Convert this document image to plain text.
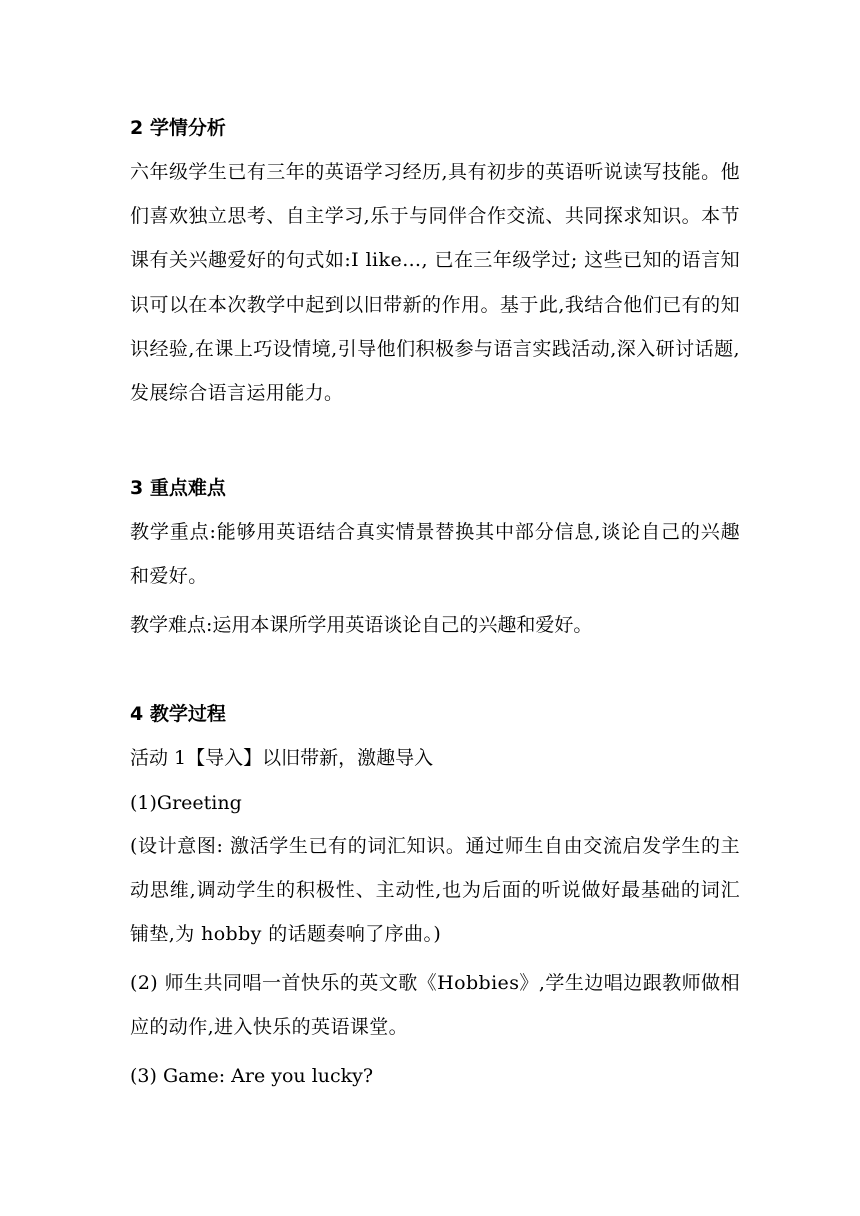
2 学情分析
六年级学生已有三年的英语学习经历,具有初步的英语听说读写技能。他们喜欢独立思考、自主学习,乐于与同伴合作交流、共同探求知识。本节课有关兴趣爱好的句式如:I like…, 已在三年级学过; 这些已知的语言知识可以在本次教学中起到以旧带新的作用。基于此,我结合他们已有的知识经验,在课上巧设情境,引导他们积极参与语言实践活动,深入研讨话题,发展综合语言运用能力。
3 重点难点
教学重点:能够用英语结合真实情景替换其中部分信息,谈论自己的兴趣和爱好。
教学难点:运用本课所学用英语谈论自己的兴趣和爱好。
4 教学过程
活动 1【导入】以旧带新，激趣导入
(1)Greeting
(设计意图: 激活学生已有的词汇知识。通过师生自由交流启发学生的主动思维,调动学生的积极性、主动性,也为后面的听说做好最基础的词汇铺垫,为 hobby 的话题奏响了序曲。)
(2) 师生共同唱一首快乐的英文歌《Hobbies》,学生边唱边跟教师做相应的动作,进入快乐的英语课堂。
(3) Game: Are you lucky?
